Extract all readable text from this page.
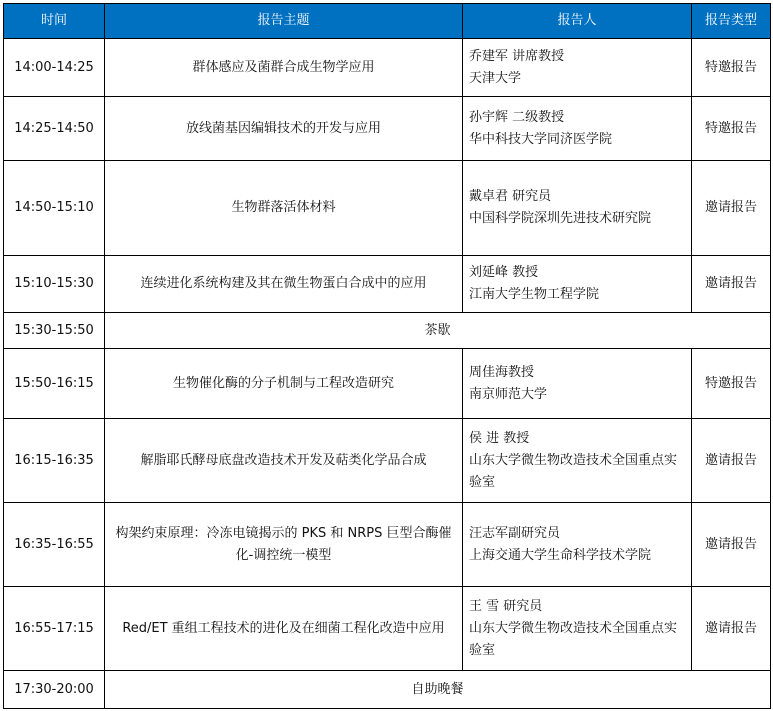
时间	报告主题	报告人	报告类型
14:00-14:25	群体感应及菌群合成生物学应用	乔建军 讲席教授
天津大学	特邀报告
14:25-14:50	放线菌基因编辑技术的开发与应用	孙宇辉 二级教授
华中科技大学同济医学院	特邀报告
14:50-15:10	生物群落活体材料	戴卓君 研究员
中国科学院深圳先进技术研究院	邀请报告
15:10-15:30	连续进化系统构建及其在微生物蛋白合成中的应用	刘延峰 教授
江南大学生物工程学院	邀请报告
15:30-15:50	茶歇		
15:50-16:15	生物催化酶的分子机制与工程改造研究	周佳海教授
南京师范大学	特邀报告
16:15-16:35	解脂耶氏酵母底盘改造技术开发及萜类化学品合成	侯 进 教授
山东大学微生物改造技术全国重点实验室	邀请报告
16:35-16:55	构架约束原理：冷冻电镜揭示的 PKS 和 NRPS 巨型合酶催化-调控统一模型	汪志军副研究员
上海交通大学生命科学技术学院	邀请报告
16:55-17:15	Red/ET 重组工程技术的进化及在细菌工程化改造中应用	王 雪 研究员
山东大学微生物改造技术全国重点实验室	邀请报告
17:30-20:00	自助晚餐		
